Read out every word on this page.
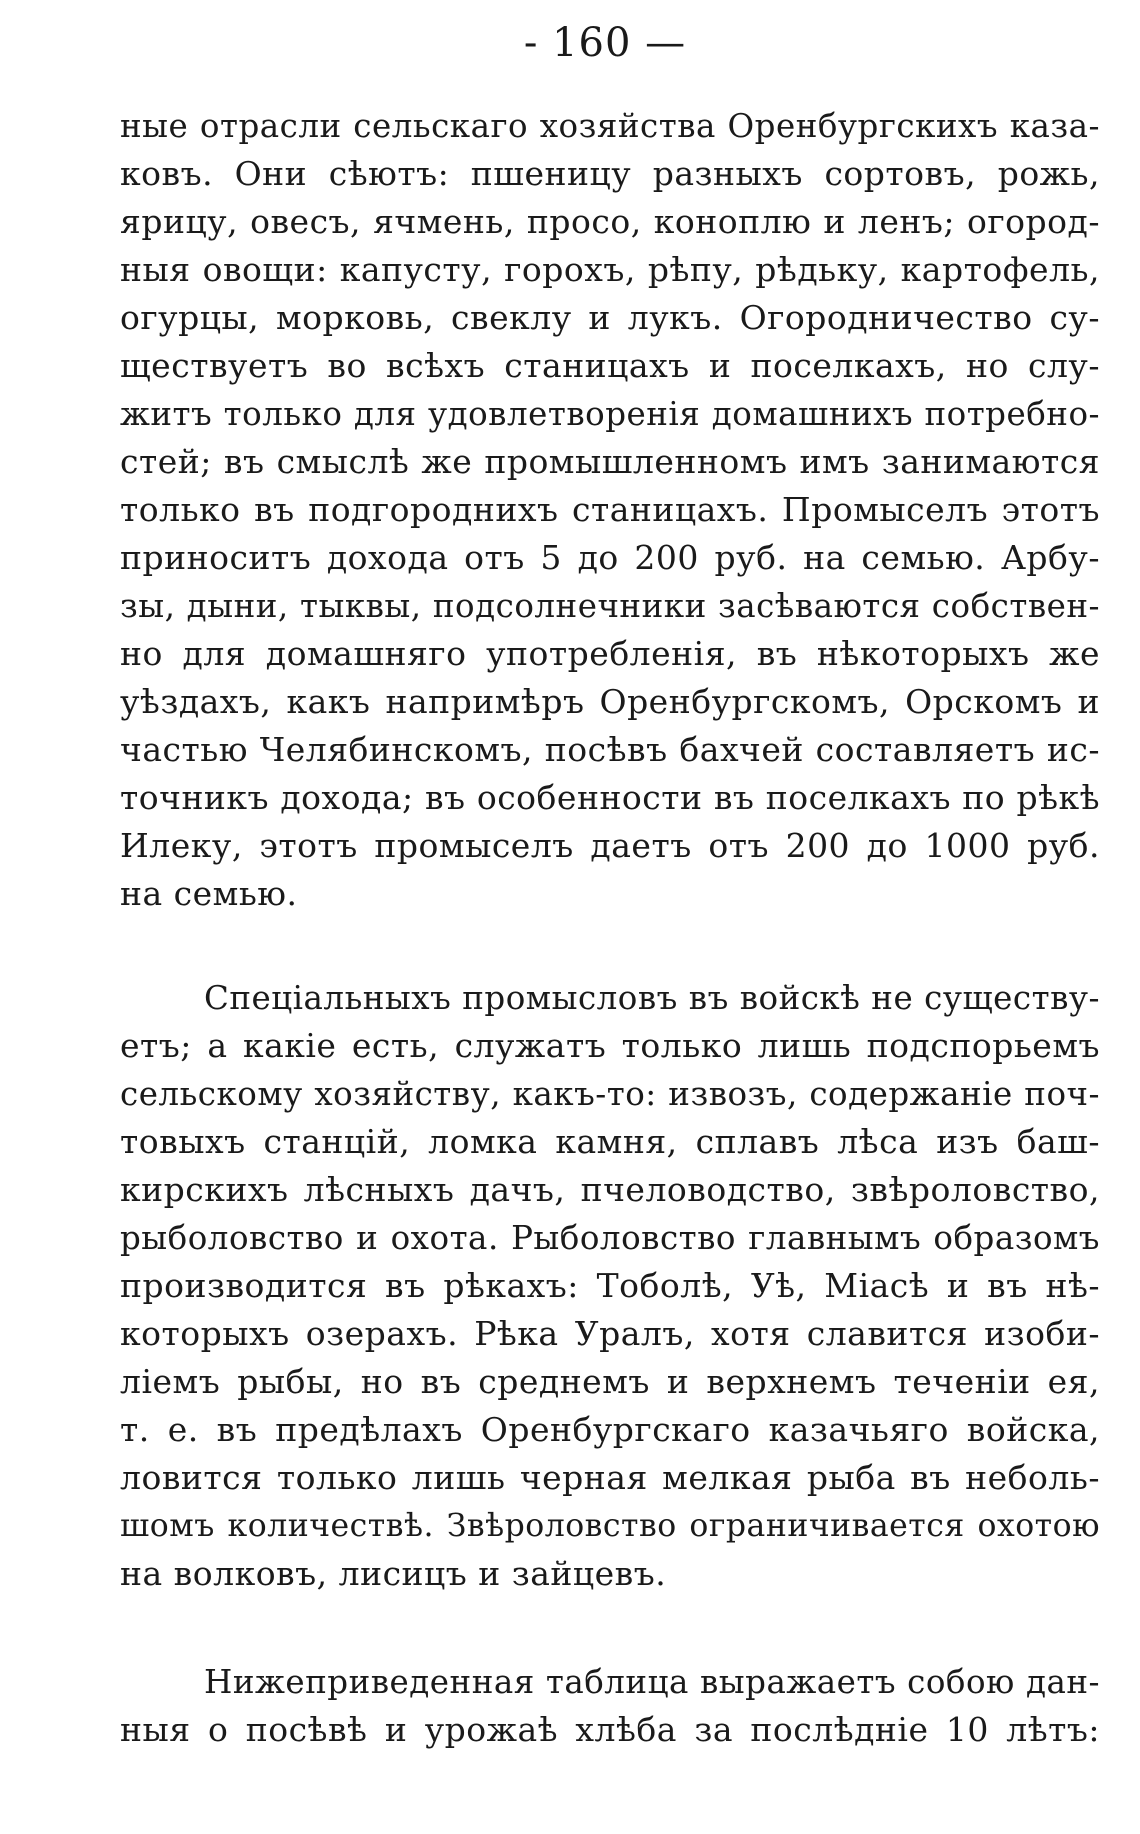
- 160 —
ные отрасли сельскаго хозяйства Оренбургскихъ каза-
ковъ. Они сѣютъ: пшеницу разныхъ сортовъ, рожь,
ярицу, овесъ, ячмень, просо, коноплю и ленъ; огород-
ныя овощи: капусту, горохъ, рѣпу, рѣдьку, картофель,
огурцы, морковь, свеклу и лукъ. Огородничество су-
ществуетъ во всѣхъ станицахъ и поселкахъ, но слу-
житъ только для удовлетворенія домашнихъ потребно-
стей; въ смыслѣ же промышленномъ имъ занимаются
только въ подгороднихъ станицахъ. Промыселъ этотъ
приноситъ дохода отъ 5 до 200 руб. на семью. Арбу-
зы, дыни, тыквы, подсолнечники засѣваются собствен-
но для домашняго употребленія, въ нѣкоторыхъ же
уѣздахъ, какъ напримѣръ Оренбургскомъ, Орскомъ и
частью Челябинскомъ, посѣвъ бахчей составляетъ ис-
точникъ дохода; въ особенности въ поселкахъ по рѣкѣ
Илеку, этотъ промыселъ даетъ отъ 200 до 1000 руб.
на семью.
Спеціальныхъ промысловъ въ войскѣ не существу-
етъ; а какіе есть, служатъ только лишь подспорьемъ
сельскому хозяйству, какъ-то: извозъ, содержаніе поч-
товыхъ станцій, ломка камня, сплавъ лѣса изъ баш-
кирскихъ лѣсныхъ дачъ, пчеловодство, звѣроловство,
рыболовство и охота. Рыболовство главнымъ образомъ
производится въ рѣкахъ: Тоболѣ, Уѣ, Міасѣ и въ нѣ-
которыхъ озерахъ. Рѣка Уралъ, хотя славится изоби-
ліемъ рыбы, но въ среднемъ и верхнемъ теченіи ея,
т. е. въ предѣлахъ Оренбургскаго казачьяго войска,
ловится только лишь черная мелкая рыба въ неболь-
шомъ количествѣ. Звѣроловство ограничивается охотою
на волковъ, лисицъ и зайцевъ.
Нижеприведенная таблица выражаетъ собою дан-
ныя о посѣвѣ и урожаѣ хлѣба за послѣдніе 10 лѣтъ:
